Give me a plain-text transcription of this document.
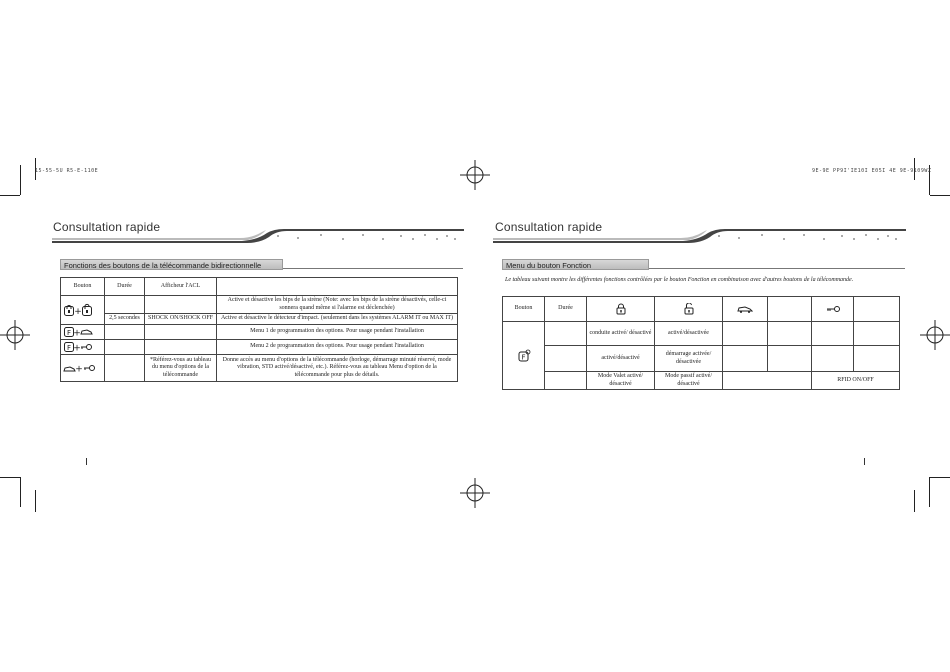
15-55-5U R5-E-110E	9E-9E PP9I'IE10I E05I 4E 9E-9109WZ
Consultation rapide
Fonctions des boutons de la télécommande bidirectionnelle
Bouton	Durée	Afficheur l'ACL	

+			Active et désactive les bips de la sirène (Note: avec les bips de la sirène désactivés, celle-ci sonnera quand même si l'alarme est déclenchée)
	2,5 secondes	SHOCK ON/SHOCK OFF	Active et désactive le détecteur d'impact. (seulement dans les systèmes ALARM IT ou MAX IT)

F +			Menu 1 de programmation des options. Pour usage pendant l'installation

F +			Menu 2 de programmation des options. Pour usage pendant l'installation

+		*Référez-vous au tableau du menu d'options de la télécommande	Donne accès au menu d'options de la télécommande (horloge, démarrage minuté réservé, mode vibration, STD activé/désactivé, etc.). Référez-vous au tableau Menu d'option de la télécommande pour plus de détails.
Consultation rapide
Menu du bouton Fonction
Le tableau suivant montre les différentes fonctions contrôlées par le bouton Fonction en combinaison avec d'autres boutons de la télécommande.
Bouton	Durée	

F		conduite activé/ désactivé	activé/désactivée				
		activé/désactivé	démarrage activée/ désactivée				
		Mode Valet activé/ désactivé	Mode passif activé/ désactivé			RFID ON/OFF	
